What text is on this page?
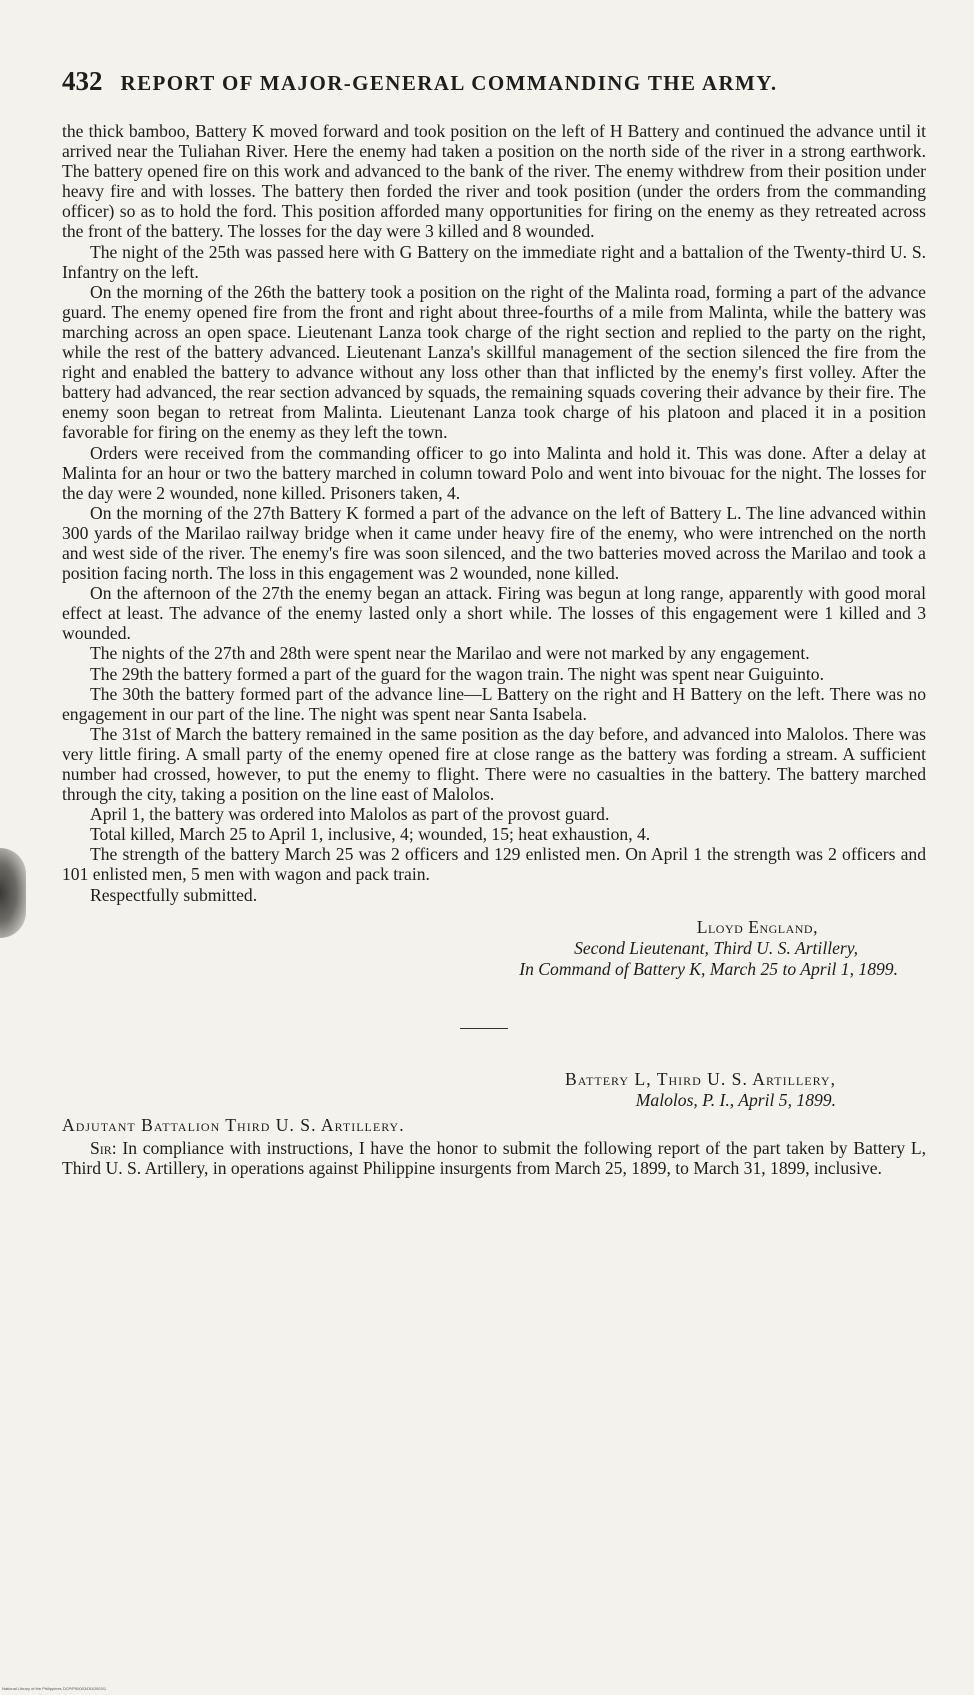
432 REPORT OF MAJOR-GENERAL COMMANDING THE ARMY.

the thick bamboo, Battery K moved forward and took position on the left of H Battery and continued the advance until it arrived near the Tuliahan River. Here the enemy had taken a position on the north side of the river in a strong earthwork. The battery opened fire on this work and advanced to the bank of the river. The enemy withdrew from their position under heavy fire and with losses. The battery then forded the river and took position (under the orders from the commanding officer) so as to hold the ford. This position afforded many opportunities for firing on the enemy as they retreated across the front of the battery. The losses for the day were 3 killed and 8 wounded.

The night of the 25th was passed here with G Battery on the immediate right and a battalion of the Twenty-third U. S. Infantry on the left.

On the morning of the 26th the battery took a position on the right of the Malinta road, forming a part of the advance guard. The enemy opened fire from the front and right about three-fourths of a mile from Malinta, while the battery was marching across an open space. Lieutenant Lanza took charge of the right section and replied to the party on the right, while the rest of the battery advanced. Lieutenant Lanza's skillful management of the section silenced the fire from the right and enabled the battery to advance without any loss other than that inflicted by the enemy's first volley. After the battery had advanced, the rear section advanced by squads, the remaining squads covering their advance by their fire. The enemy soon began to retreat from Malinta. Lieutenant Lanza took charge of his platoon and placed it in a position favorable for firing on the enemy as they left the town.

Orders were received from the commanding officer to go into Malinta and hold it. This was done. After a delay at Malinta for an hour or two the battery marched in column toward Polo and went into bivouac for the night. The losses for the day were 2 wounded, none killed. Prisoners taken, 4.

On the morning of the 27th Battery K formed a part of the advance on the left of Battery L. The line advanced within 300 yards of the Marilao railway bridge when it came under heavy fire of the enemy, who were intrenched on the north and west side of the river. The enemy's fire was soon silenced, and the two batteries moved across the Marilao and took a position facing north. The loss in this engagement was 2 wounded, none killed.

On the afternoon of the 27th the enemy began an attack. Firing was begun at long range, apparently with good moral effect at least. The advance of the enemy lasted only a short while. The losses of this engagement were 1 killed and 3 wounded.

The nights of the 27th and 28th were spent near the Marilao and were not marked by any engagement.

The 29th the battery formed a part of the guard for the wagon train. The night was spent near Guiguinto.

The 30th the battery formed part of the advance line—L Battery on the right and H Battery on the left. There was no engagement in our part of the line. The night was spent near Santa Isabela.

The 31st of March the battery remained in the same position as the day before, and advanced into Malolos. There was very little firing. A small party of the enemy opened fire at close range as the battery was fording a stream. A sufficient number had crossed, however, to put the enemy to flight. There were no casualties in the battery. The battery marched through the city, taking a position on the line east of Malolos.

April 1, the battery was ordered into Malolos as part of the provost guard.

Total killed, March 25 to April 1, inclusive, 4; wounded, 15; heat exhaustion, 4.

The strength of the battery March 25 was 2 officers and 129 enlisted men. On April 1 the strength was 2 officers and 101 enlisted men, 5 men with wagon and pack train.

Respectfully submitted.

Lloyd England,
Second Lieutenant, Third U. S. Artillery,
In Command of Battery K, March 25 to April 1, 1899.
Battery L, Third U. S. Artillery,
Malolos, P. I., April 5, 1899.
Adjutant Battalion Third U. S. Artillery.
Sir: In compliance with instructions, I have the honor to submit the following report of the part taken by Battery L, Third U. S. Artillery, in operations against Philippine insurgents from March 25, 1899, to March 31, 1899, inclusive.
National Library of the Philippines DCP/P00003430/2003/1
